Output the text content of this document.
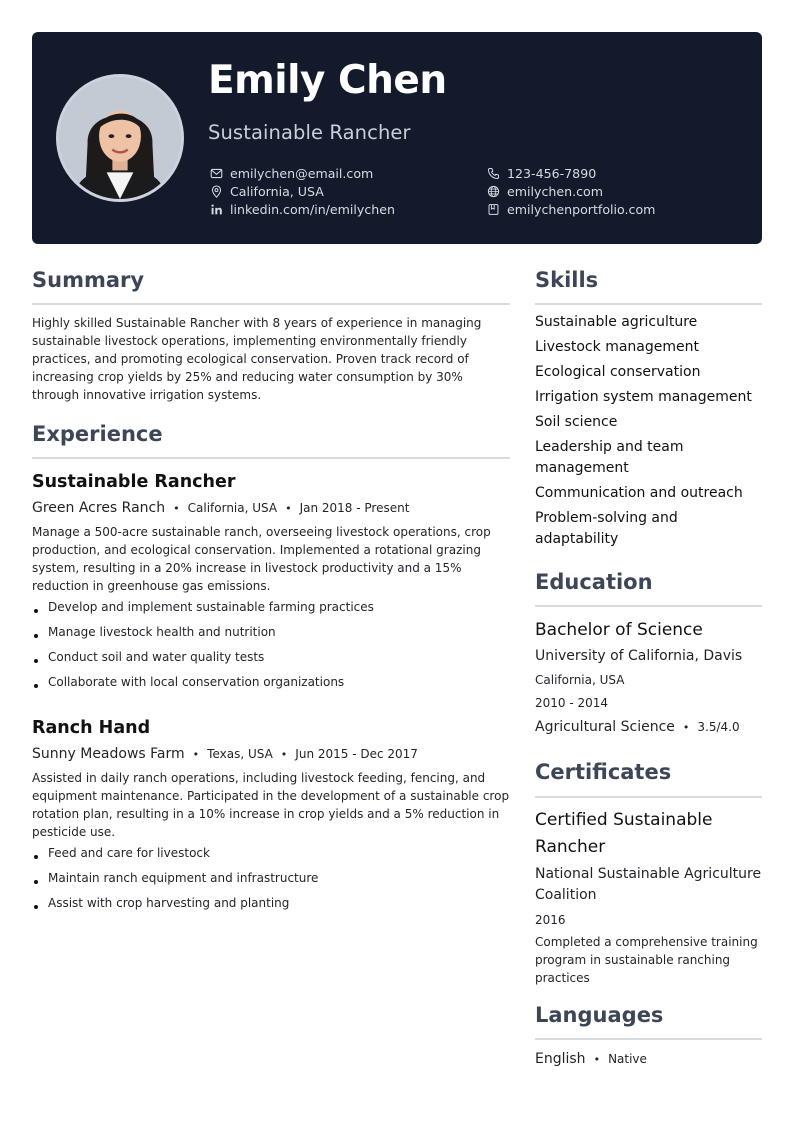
Emily Chen
Sustainable Rancher
emilychen@email.com
California, USA
linkedin.com/in/emilychen
123-456-7890
emilychen.com
emilychenportfolio.com
Summary

Highly skilled Sustainable Rancher with 8 years of experience in managing sustainable livestock operations, implementing environmentally friendly practices, and promoting ecological conservation. Proven track record of increasing crop yields by 25% and reducing water consumption by 30% through innovative irrigation systems.

Experience
Sustainable Rancher
Green Acres Ranch • California, USA • Jan 2018 - Present
Manage a 500-acre sustainable ranch, overseeing livestock operations, crop production, and ecological conservation. Implemented a rotational grazing system, resulting in a 20% increase in livestock productivity and a 15% reduction in greenhouse gas emissions.
Develop and implement sustainable farming practices
Manage livestock health and nutrition
Conduct soil and water quality tests
Collaborate with local conservation organizations
Ranch Hand
Sunny Meadows Farm • Texas, USA • Jun 2015 - Dec 2017
Assisted in daily ranch operations, including livestock feeding, fencing, and equipment maintenance. Participated in the development of a sustainable crop rotation plan, resulting in a 10% increase in crop yields and a 5% reduction in pesticide use.
Feed and care for livestock
Maintain ranch equipment and infrastructure
Assist with crop harvesting and planting
Skills
Sustainable agriculture
Livestock management
Ecological conservation
Irrigation system management
Soil science
Leadership and team management
Communication and outreach
Problem-solving and adaptability
Education
Bachelor of Science
University of California, Davis
California, USA
2010 - 2014
Agricultural Science • 3.5/4.0
Certificates
Certified Sustainable Rancher
National Sustainable Agriculture Coalition
2016
Completed a comprehensive training program in sustainable ranching practices
Languages
English • Native
